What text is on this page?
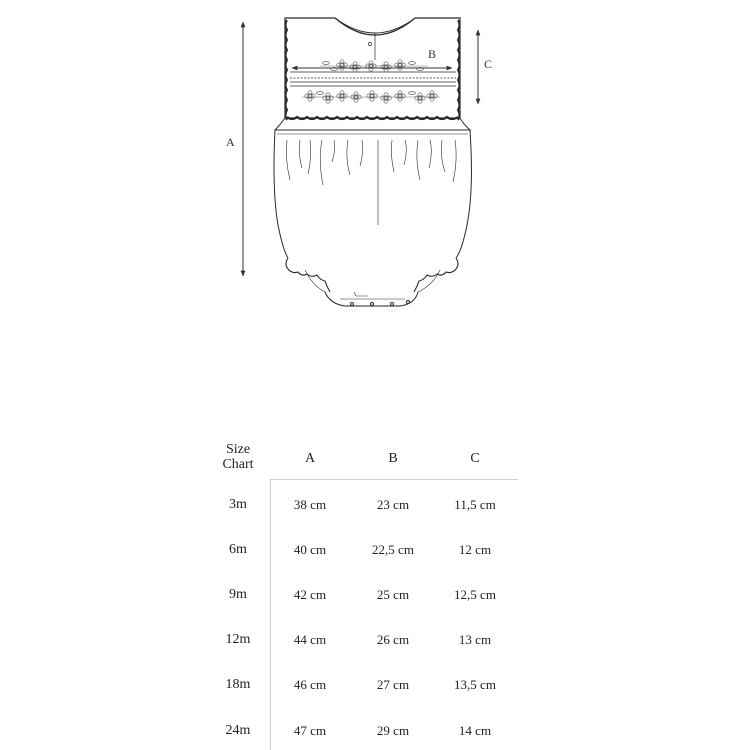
A
B
C
Size
Chart	A	B	C
3m	38 cm	23 cm	11,5 cm
6m	40 cm	22,5 cm	12 cm
9m	42 cm	25 cm	12,5 cm
12m	44 cm	26 cm	13 cm
18m	46 cm	27 cm	13,5 cm
24m	47 cm	29 cm	14 cm
